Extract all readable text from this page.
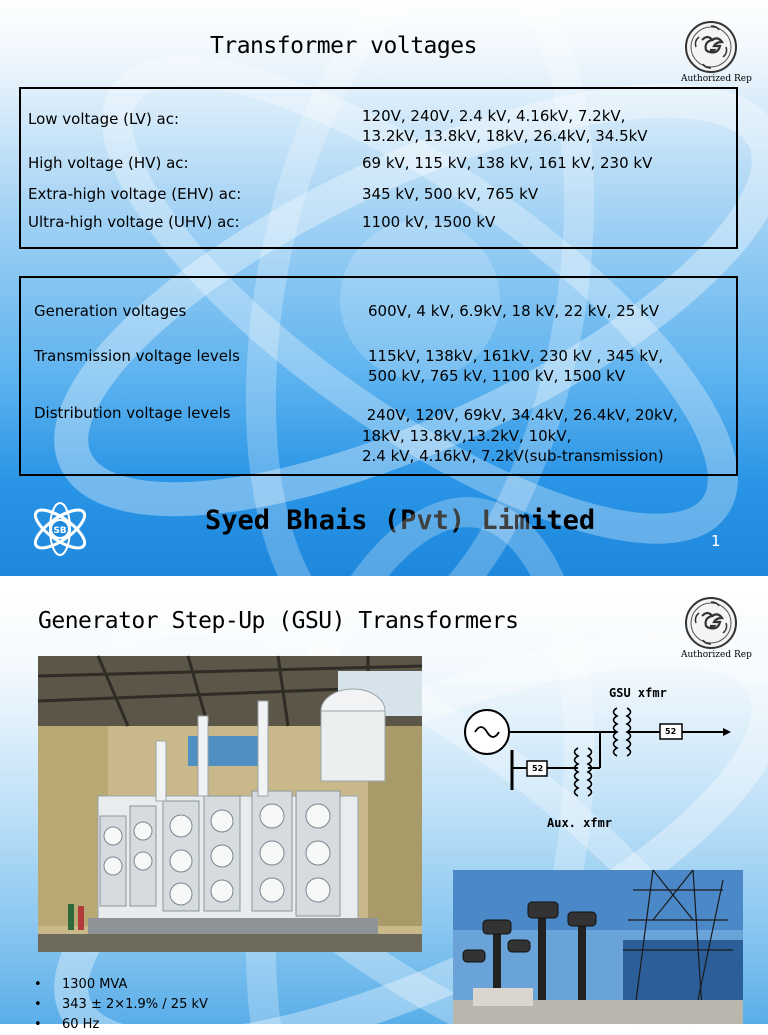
Transformer voltages
Authorized Rep
Low voltage (LV) ac:	120V, 240V, 2.4 kV, 4.16kV, 7.2kV,
13.2kV, 13.8kV, 18kV, 26.4kV, 34.5kV
High voltage (HV) ac:	69 kV, 115 kV, 138 kV, 161 kV, 230 kV
Extra-high voltage (EHV) ac:	345 kV, 500 kV, 765 kV
Ultra-high voltage (UHV) ac:	1100 kV, 1500 kV
Generation voltages	600V, 4 kV, 6.9kV, 18 kV, 22 kV, 25 kV
Transmission voltage levels	115kV, 138kV, 161kV, 230 kV , 345 kV,
500 kV, 765 kV, 1100 kV, 1500 kV
Distribution voltage levels	240V, 120V, 69kV, 34.4kV, 26.4kV, 20kV,
18kV, 13.8kV,13.2kV, 10kV,
2.4 kV, 4.16kV, 7.2kV(sub-transmission)
SB	Syed Bhais (Pvt) Limited
1
Generator Step-Up (GSU) Transformers
Authorized Rep
GSU xfmr
Aux. xfmr
52
52
• 1300 MVA
• 343 ± 2×1.9% / 25 kV
• 60 Hz
